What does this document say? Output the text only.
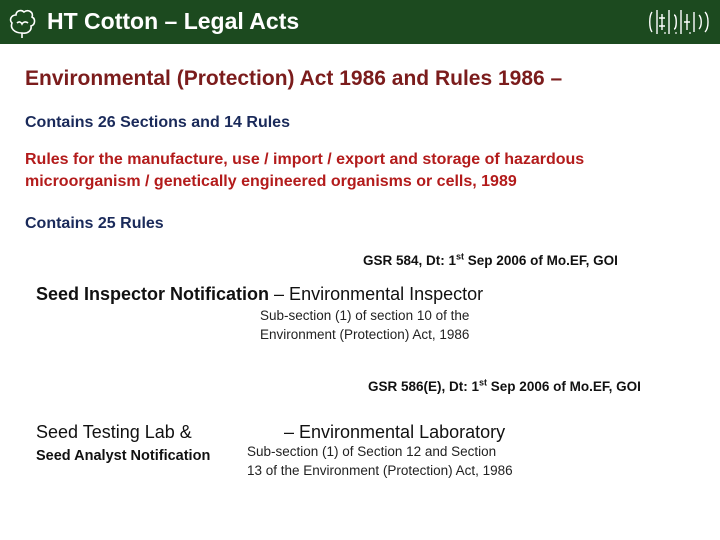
HT Cotton – Legal Acts
Environmental (Protection) Act 1986 and Rules 1986 –
Contains 26 Sections and 14 Rules
Rules for the manufacture, use / import / export and storage of hazardous
microorganism / genetically engineered organisms or cells, 1989
Contains 25 Rules
GSR 584, Dt: 1st Sep 2006 of Mo.EF, GOI
Seed Inspector Notification – Environmental Inspector
Sub-section (1) of section 10 of the
Environment (Protection) Act, 1986
GSR 586(E), Dt: 1st Sep 2006 of Mo.EF, GOI
Seed Testing Lab &
Seed Analyst Notification
– Environmental Laboratory
Sub-section (1) of Section 12 and Section
13 of the Environment (Protection) Act, 1986
